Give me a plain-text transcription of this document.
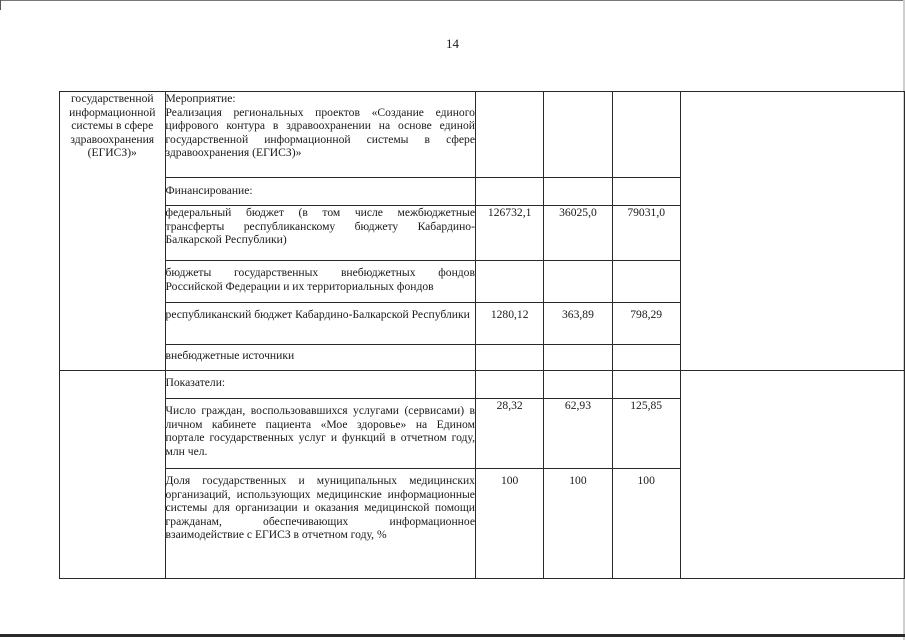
14
государственной информационной системы в сфере здравоохранения (ЕГИСЗ)»	Мероприятие:
Реализация региональных проектов «Создание единого цифрового контура в здравоохранении на основе единой государственной информационной системы в сфере здравоохранения (ЕГИСЗ)»				

	Финансирование:				
	федеральный бюджет (в том числе межбюджетные трансферты республиканскому бюджету Кабардино-Балкарской Республики)	126732,1	36025,0	79031,0	
	бюджеты государственных внебюджетных фондов Российской Федерации и их территориальных фондов				
	республиканский бюджет Кабардино-Балкарской Республики	1280,12	363,89	798,29	
	внебюджетные источники				
	Показатели:				
	Число граждан, воспользовавшихся услугами (сервисами) в личном кабинете пациента «Мое здоровье» на Едином портале государственных услуг и функций в отчетном году, млн чел.	28,32	62,93	125,85	
	Доля государственных и муниципальных медицинских организаций, использующих медицинские информационные системы для организации и оказания медицинской помощи гражданам, обеспечивающих информационное взаимодействие с ЕГИСЗ в отчетном году, %	100	100	100	
